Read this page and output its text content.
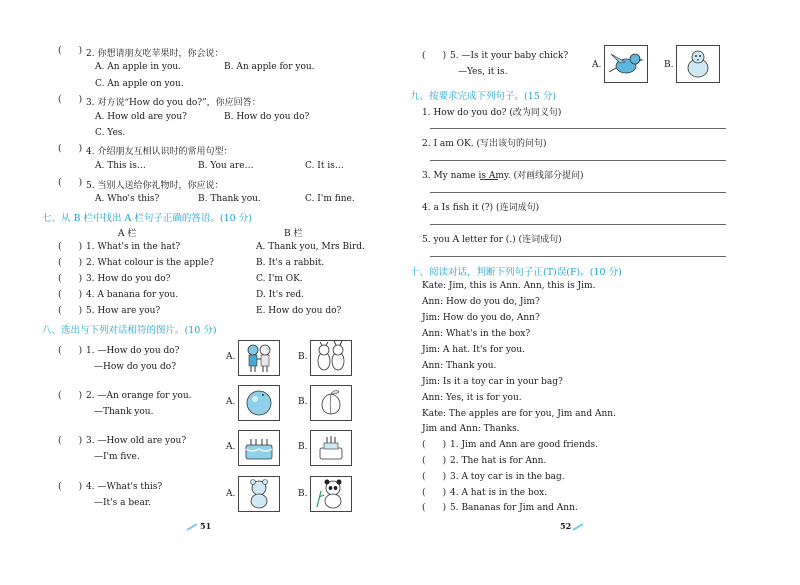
(      ) 2. 你想请朋友吃苹果时，你会说：
A. An apple in you.	B. An apple for you.
C. An apple on you.
(      ) 3. 对方说“How do you do?”，你应回答：
A. How old are you?	B. How do you do?
C. Yes.
(      ) 4. 介绍朋友互相认识时的常用句型：
A. This is…	B. You are…	C. It is…
(      ) 5. 当别人送给你礼物时，你应说：
A. Who's this?	B. Thank you.	C. I'm fine.
七、从 B 栏中找出 A 栏句子正确的答语。(10 分)
A 栏	B 栏
(      ) 1. What's in the hat?	A. Thank you, Mrs Bird.
(      ) 2. What colour is the apple?	B. It's a rabbit.
(      ) 3. How do you do?	C. I'm OK.
(      ) 4. A banana for you.	D. It's red.
(      ) 5. How are you?	E. How do you do?
八、选出与下列对话相符的图片。(10 分)
(      ) 1. —How do you do?
—How do you do?
A.	B.
(      ) 2. —An orange for you.
—Thank you.
A.	B.
(      ) 3. —How old are you?
—I'm five.
A.	B.
(      ) 4. —What's this?
—It's a bear.
A.	B.
51
(      ) 5. —Is it your baby chick?
—Yes, it is.
A.	B.
九、按要求完成下列句子。(15 分)
1. How do you do? (改为同义句)
2. I am OK. (写出该句的问句)
3. My name is Amy. (对画线部分提问)
4. a Is fish it (?) (连词成句)
5. you A letter for (.) (连词成句)
十、阅读对话，判断下列句子正(T)误(F)。(10 分)
Kate: Jim, this is Ann. Ann, this is Jim.
Ann: How do you do, Jim?
Jim: How do you do, Ann?
Ann: What's in the box?
Jim: A hat. It's for you.
Ann: Thank you.
Jim: Is it a toy car in your bag?
Ann: Yes, it is for you.
Kate: The apples are for you, Jim and Ann.
Jim and Ann: Thanks.
(      ) 1. Jim and Ann are good friends.
(      ) 2. The hat is for Ann.
(      ) 3. A toy car is in the bag.
(      ) 4. A hat is in the box.
(      ) 5. Bananas for Jim and Ann.
52
